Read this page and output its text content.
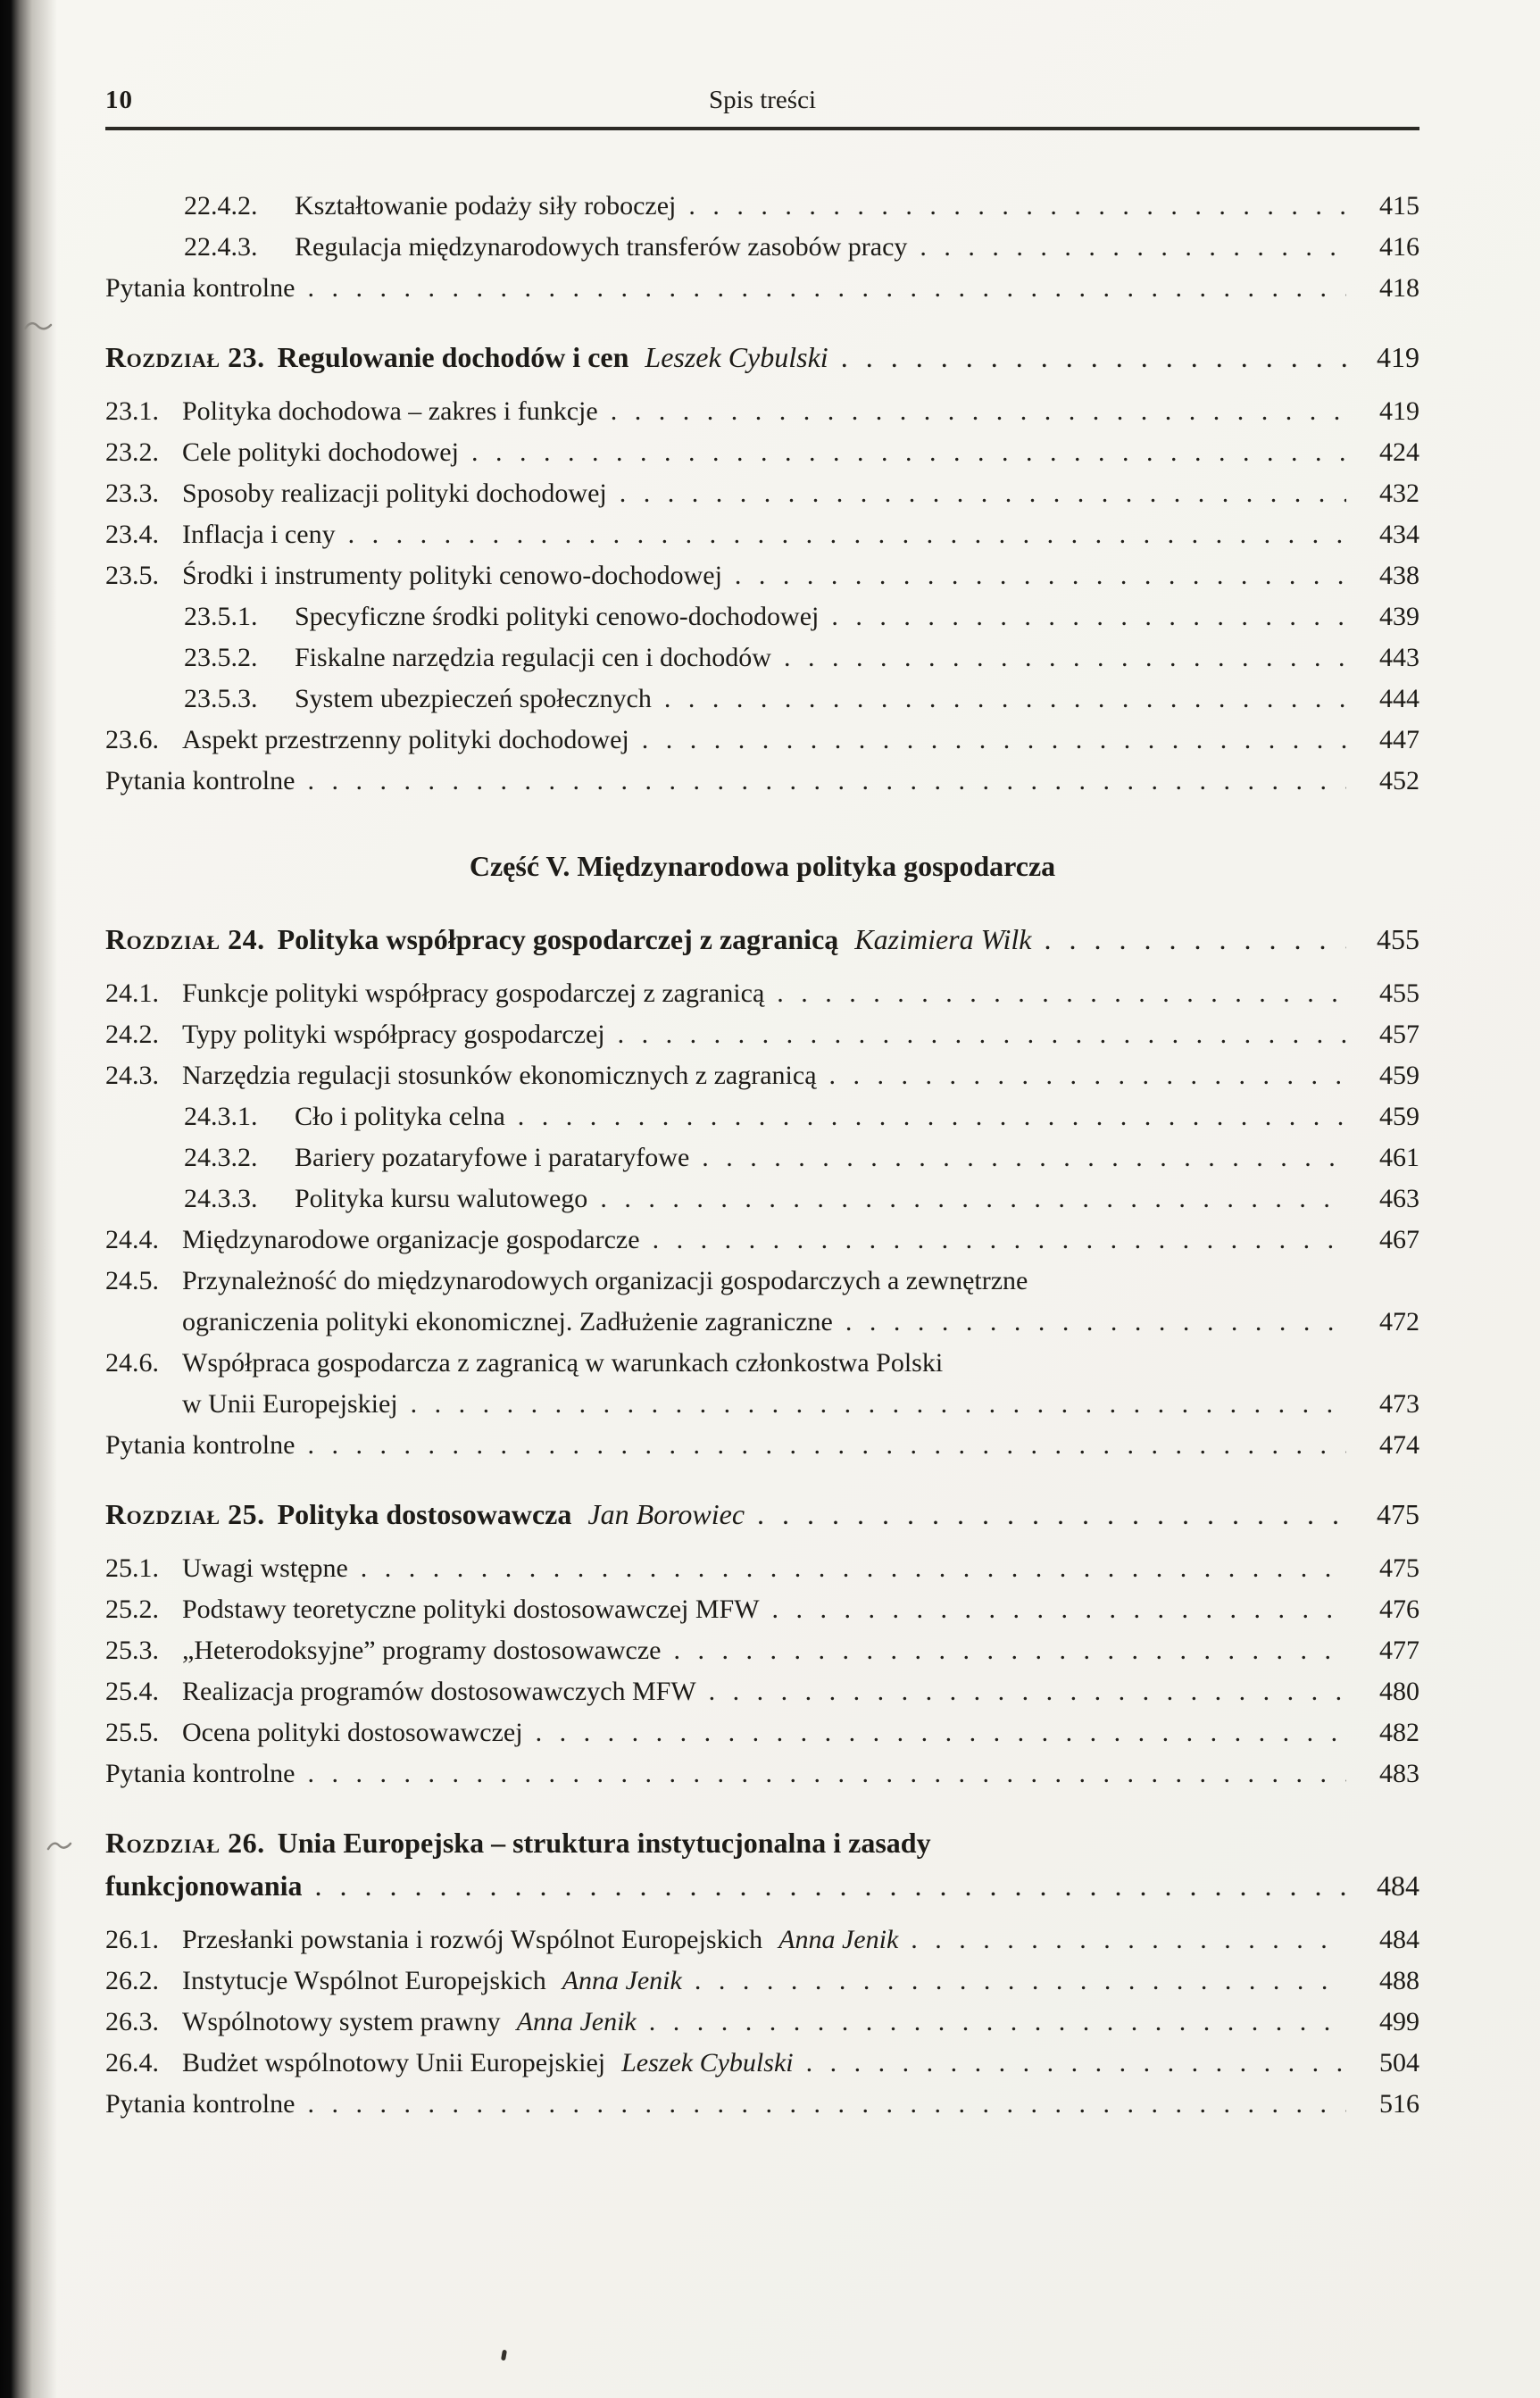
10	Spis treści
22.4.2.	Kształtowanie podaży siły roboczej . . .	415
22.4.3.	Regulacja międzynarodowych transferów zasobów pracy . . .	416
Pytania kontrolne . . .	418
Rozdział 23. Regulowanie dochodów i cen Leszek Cybulski . . .	419
23.1. Polityka dochodowa – zakres i funkcje . . .	419
23.2. Cele polityki dochodowej . . .	424
23.3. Sposoby realizacji polityki dochodowej . . .	432
23.4. Inflacja i ceny . . .	434
23.5. Środki i instrumenty polityki cenowo-dochodowej . . .	438
23.5.1.	Specyficzne środki polityki cenowo-dochodowej . . .	439
23.5.2.	Fiskalne narzędzia regulacji cen i dochodów . . .	443
23.5.3.	System ubezpieczeń społecznych . . .	444
23.6. Aspekt przestrzenny polityki dochodowej . . .	447
Pytania kontrolne . . .	452
Część V. Międzynarodowa polityka gospodarcza
Rozdział 24. Polityka współpracy gospodarczej z zagranicą Kazimiera Wilk . . .	455
24.1. Funkcje polityki współpracy gospodarczej z zagranicą . . .	455
24.2. Typy polityki współpracy gospodarczej . . .	457
24.3. Narzędzia regulacji stosunków ekonomicznych z zagranicą . . .	459
24.3.1.	Cło i polityka celna . . .	459
24.3.2.	Bariery pozataryfowe i parataryfowe . . .	461
24.3.3.	Polityka kursu walutowego . . .	463
24.4. Międzynarodowe organizacje gospodarcze . . .	467
24.5. Przynależność do międzynarodowych organizacji gospodarczych a zewnętrzne
ograniczenia polityki ekonomicznej. Zadłużenie zagraniczne . . .	472
24.6. Współpraca gospodarcza z zagranicą w warunkach członkostwa Polski
w Unii Europejskiej . . .	473
Pytania kontrolne . . .	474
Rozdział 25. Polityka dostosowawcza Jan Borowiec . . .	475
25.1. Uwagi wstępne . . .	475
25.2. Podstawy teoretyczne polityki dostosowawczej MFW . . .	476
25.3. „Heterodoksyjne” programy dostosowawcze . . .	477
25.4. Realizacja programów dostosowawczych MFW . . .	480
25.5. Ocena polityki dostosowawczej . . .	482
Pytania kontrolne . . .	483
Rozdział 26. Unia Europejska – struktura instytucjonalna i zasady
funkcjonowania . . .	484
26.1. Przesłanki powstania i rozwój Wspólnot Europejskich Anna Jenik . . .	484
26.2. Instytucje Wspólnot Europejskich Anna Jenik . . .	488
26.3. Wspólnotowy system prawny Anna Jenik . . .	499
26.4. Budżet wspólnotowy Unii Europejskiej Leszek Cybulski . . .	504
Pytania kontrolne . . .	516
